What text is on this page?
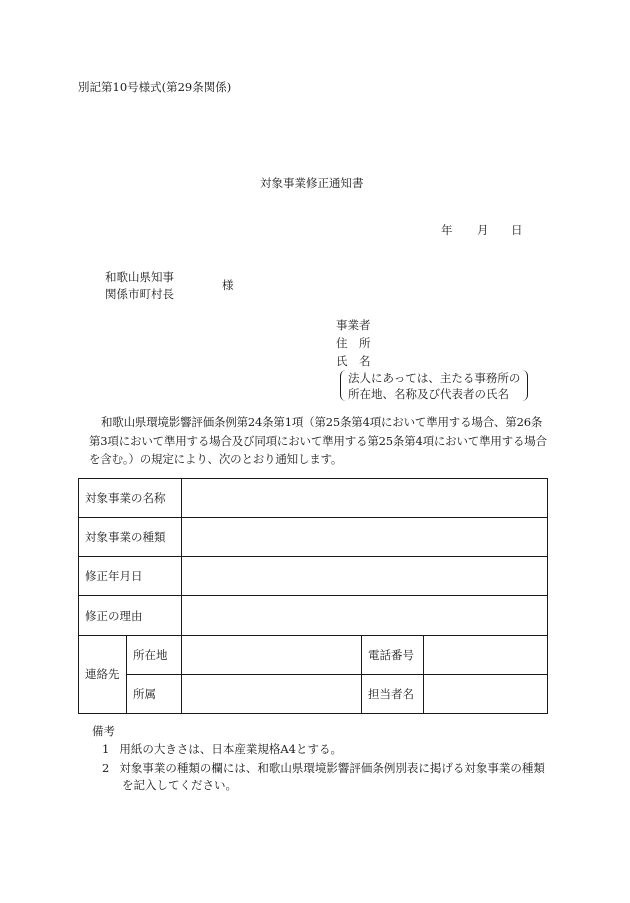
別記第10号様式(第29条関係)
対象事業修正通知書
年 月 日
和歌山県知事
関係市町村長
様
事業者
住　所
氏　名
法人にあっては、主たる事務所の
所在地、名称及び代表者の氏名
和歌山県環境影響評価条例第24条第1項（第25条第4項において準用する場合、第26条第3項において準用する場合及び同項において準用する第25条第4項において準用する場合を含む。）の規定により、次のとおり通知します。
対象事業の名称				
対象事業の種類				
修正年月日				
修正の理由				
連絡先	所在地		電話番号	
	所属		担当者名	
備考
1 用紙の大きさは、日本産業規格A4とする。
2 対象事業の種類の欄には、和歌山県環境影響評価条例別表に掲げる対象事業の種類
を記入してください。
